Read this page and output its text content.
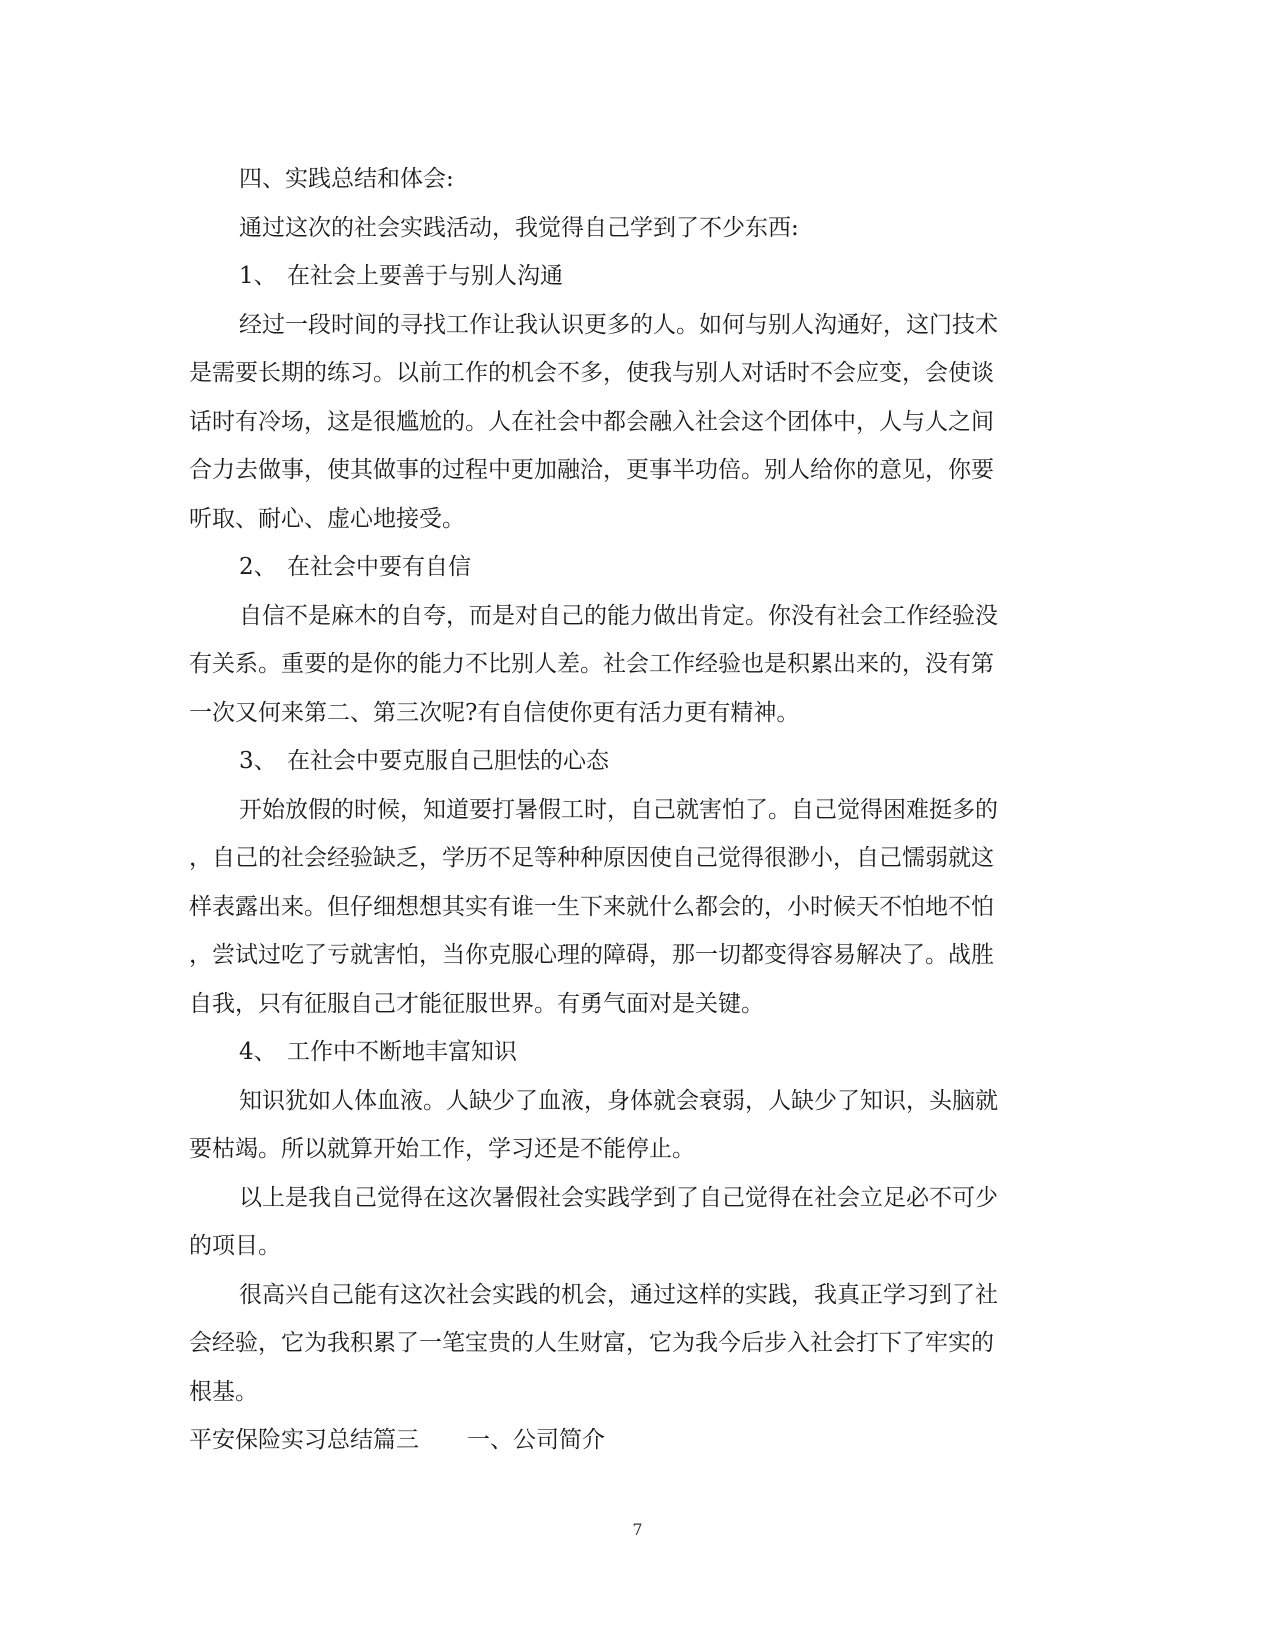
四、实践总结和体会:
通过这次的社会实践活动，我觉得自己学到了不少东西:
1、 在社会上要善于与别人沟通
经过一段时间的寻找工作让我认识更多的人。如何与别人沟通好，这门技术
是需要长期的练习。以前工作的机会不多，使我与别人对话时不会应变，会使谈
话时有冷场，这是很尴尬的。人在社会中都会融入社会这个团体中，人与人之间
合力去做事，使其做事的过程中更加融洽，更事半功倍。别人给你的意见，你要
听取、耐心、虚心地接受。
2、 在社会中要有自信
自信不是麻木的自夸，而是对自己的能力做出肯定。你没有社会工作经验没
有关系。重要的是你的能力不比别人差。社会工作经验也是积累出来的，没有第
一次又何来第二、第三次呢?有自信使你更有活力更有精神。
3、 在社会中要克服自己胆怯的心态
开始放假的时候，知道要打暑假工时，自己就害怕了。自己觉得困难挺多的
，自己的社会经验缺乏，学历不足等种种原因使自己觉得很渺小，自己懦弱就这
样表露出来。但仔细想想其实有谁一生下来就什么都会的，小时候天不怕地不怕
，尝试过吃了亏就害怕，当你克服心理的障碍，那一切都变得容易解决了。战胜
自我，只有征服自己才能征服世界。有勇气面对是关键。
4、 工作中不断地丰富知识
知识犹如人体血液。人缺少了血液，身体就会衰弱，人缺少了知识，头脑就
要枯竭。所以就算开始工作，学习还是不能停止。
以上是我自己觉得在这次暑假社会实践学到了自己觉得在社会立足必不可少
的项目。
很高兴自己能有这次社会实践的机会，通过这样的实践，我真正学习到了社
会经验，它为我积累了一笔宝贵的人生财富，它为我今后步入社会打下了牢实的
根基。
平安保险实习总结篇三 一、公司简介
7
